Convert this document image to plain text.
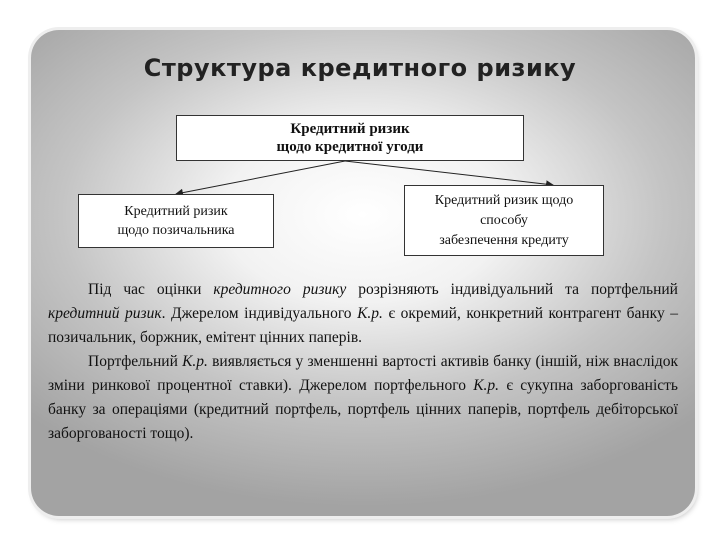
Структура кредитного ризику
Кредитний ризик
щодо кредитної угоди
Кредитний ризик
щодо позичальника
Кредитний ризик щодо
способу
забезпечення кредиту

Під час оцінки кредитного ризику розрізняють індивідуальний та портфельний кредитний ризик. Джерелом індивідуального К.р. є окремий, конкретний контрагент банку – позичальник, боржник, емітент цінних паперів.

Портфельний К.р. виявляється у зменшенні вартості активів банку (іншій, ніж внаслідок зміни ринкової процентної ставки). Джерелом портфельного К.р. є сукупна заборгованість банку за операціями (кредитний портфель, портфель цінних паперів, портфель дебіторської заборгованості тощо).
